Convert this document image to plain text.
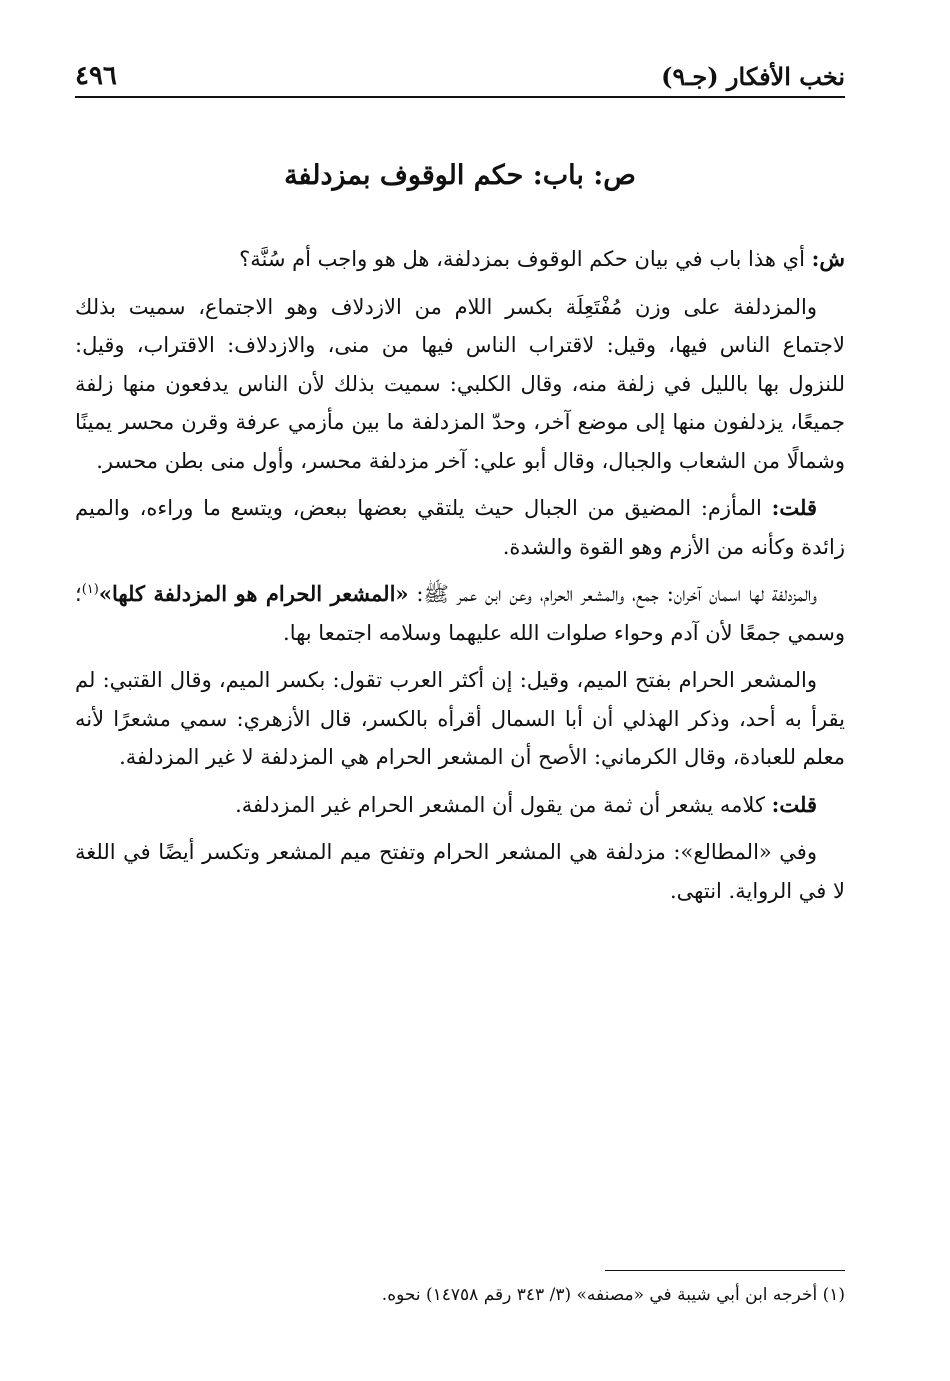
نخب الأفكار (جـ٩)
٤٩٦
ص: باب: حكم الوقوف بمزدلفة

ش: أي هذا باب في بيان حكم الوقوف بمزدلفة، هل هو واجب أم سُنَّة؟

والمزدلفة على وزن مُفْتَعِلَة بكسر اللام من الازدلاف وهو الاجتماع، سميت بذلك لاجتماع الناس فيها، وقيل: لاقتراب الناس فيها من منى، والازدلاف: الاقتراب، وقيل: للنزول بها بالليل في زلفة منه، وقال الكلبي: سميت بذلك لأن الناس يدفعون منها زلفة جميعًا، يزدلفون منها إلى موضع آخر، وحدّ المزدلفة ما بين مأزمي عرفة وقرن محسر يمينًا وشمالًا من الشعاب والجبال، وقال أبو علي: آخر مزدلفة محسر، وأول منى بطن محسر.

قلت: المأزم: المضيق من الجبال حيث يلتقي بعضها ببعض، ويتسع ما وراءه، والميم زائدة وكأنه من الأزم وهو القوة والشدة.

والمزدلفة لها اسمان آخران: جمع، والمشعر الحرام، وعن ابن عمر ﷺ: «المشعر الحرام هو المزدلفة كلها»$^{(١)}$؛ وسمي جمعًا لأن آدم وحواء صلوات الله عليهما وسلامه اجتمعا بها.

والمشعر الحرام بفتح الميم، وقيل: إن أكثر العرب تقول: بكسر الميم، وقال القتبي: لم يقرأ به أحد، وذكر الهذلي أن أبا السمال أقرأه بالكسر، قال الأزهري: سمي مشعرًا لأنه معلم للعبادة، وقال الكرماني: الأصح أن المشعر الحرام هي المزدلفة لا غير المزدلفة.

قلت: كلامه يشعر أن ثمة من يقول أن المشعر الحرام غير المزدلفة.

وفي «المطالع»: مزدلفة هي المشعر الحرام وتفتح ميم المشعر وتكسر أيضًا في اللغة لا في الرواية. انتهى.

(١) أخرجه ابن أبي شيبة في «مصنفه» (٣/ ٣٤٣ رقم ١٤٧٥٨) نحوه.
